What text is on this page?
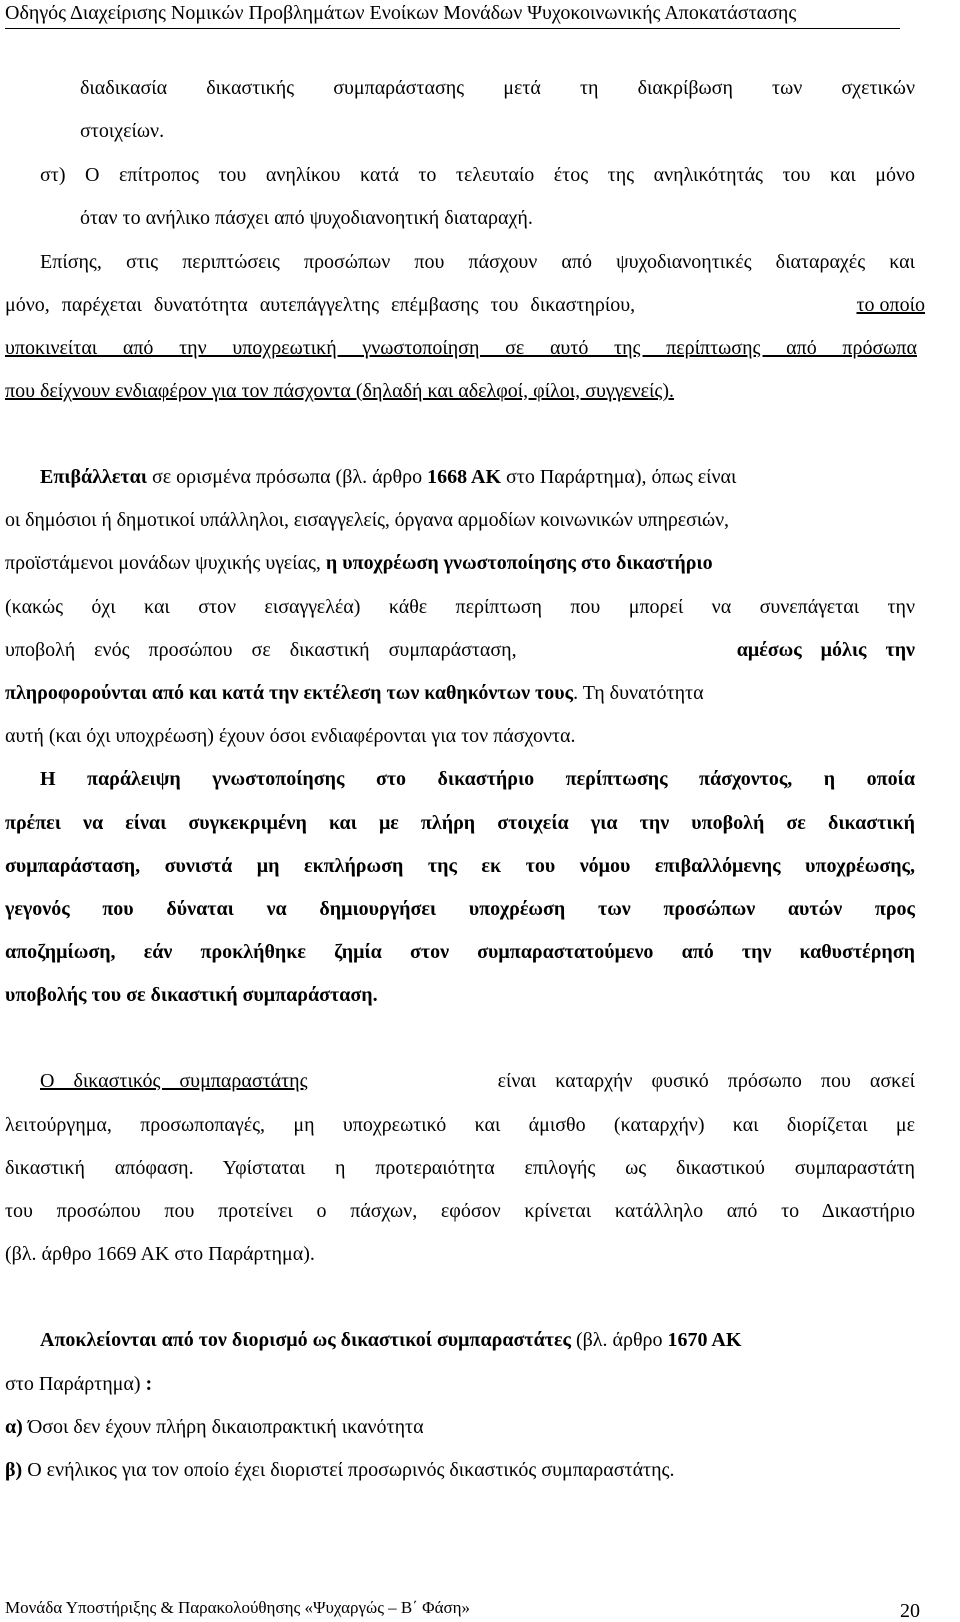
Οδηγός Διαχείρισης Νομικών Προβλημάτων Ενοίκων Μονάδων Ψυχοκοινωνικής Αποκατάστασης
διαδικασία δικαστικής συμπαράστασης μετά τη διακρίβωση των σχετικών
στοιχείων.
στ) Ο επίτροπος του ανηλίκου κατά το τελευταίο έτος της ανηλικότητάς του και μόνο
όταν το ανήλικο πάσχει από ψυχοδιανοητική διαταραχή.
Επίσης, στις περιπτώσεις προσώπων που πάσχουν από ψυχοδιανοητικές διαταραχές και
μόνο, παρέχεται δυνατότητα αυτεπάγγελτης επέμβασης του δικαστηρίου,	το οποίο
υποκινείται από την υποχρεωτική γνωστοποίηση σε αυτό της περίπτωσης από πρόσωπα
που δείχνουν ενδιαφέρον για τον πάσχοντα (δηλαδή και αδελφοί, φίλοι, συγγενείς).
Επιβάλλεται σε ορισμένα πρόσωπα (βλ. άρθρο 1668 ΑΚ στο Παράρτημα), όπως είναι
οι δημόσιοι ή δημοτικοί υπάλληλοι, εισαγγελείς, όργανα αρμοδίων κοινωνικών υπηρεσιών,
προϊστάμενοι μονάδων ψυχικής υγείας, η υποχρέωση γνωστοποίησης στο δικαστήριο
(κακώς όχι και στον εισαγγελέα) κάθε περίπτωση που μπορεί να συνεπάγεται την
υποβολή ενός προσώπου σε δικαστική συμπαράσταση,	αμέσως μόλις την
πληροφορούνται από και κατά την εκτέλεση των καθηκόντων τους. Τη δυνατότητα
αυτή (και όχι υποχρέωση) έχουν όσοι ενδιαφέρονται για τον πάσχοντα.
Η παράλειψη γνωστοποίησης στο δικαστήριο περίπτωσης πάσχοντος, η οποία
πρέπει να είναι συγκεκριμένη και με πλήρη στοιχεία για την υποβολή σε δικαστική
συμπαράσταση, συνιστά μη εκπλήρωση της εκ του νόμου επιβαλλόμενης υποχρέωσης,
γεγονός που δύναται να δημιουργήσει υποχρέωση των προσώπων αυτών προς
αποζημίωση, εάν προκλήθηκε ζημία στον συμπαραστατούμενο από την καθυστέρηση
υποβολής του σε δικαστική συμπαράσταση.
Ο δικαστικός συμπαραστάτης	είναι καταρχήν φυσικό πρόσωπο που ασκεί
λειτούργημα, προσωποπαγές, μη υποχρεωτικό και άμισθο (καταρχήν) και διορίζεται με
δικαστική απόφαση. Υφίσταται η προτεραιότητα επιλογής ως δικαστικού συμπαραστάτη
του προσώπου που προτείνει ο πάσχων, εφόσον κρίνεται κατάλληλο από το Δικαστήριο
(βλ. άρθρο 1669 ΑΚ στο Παράρτημα).
Αποκλείονται από τον διορισμό ως δικαστικοί συμπαραστάτες (βλ. άρθρο 1670 ΑΚ
στο Παράρτημα) :
α) Όσοι δεν έχουν πλήρη δικαιοπρακτική ικανότητα
β) Ο ενήλικος για τον οποίο έχει διοριστεί προσωρινός δικαστικός συμπαραστάτης.
Μονάδα Υποστήριξης & Παρακολούθησης «Ψυχαργώς – Β΄ Φάση»	20
